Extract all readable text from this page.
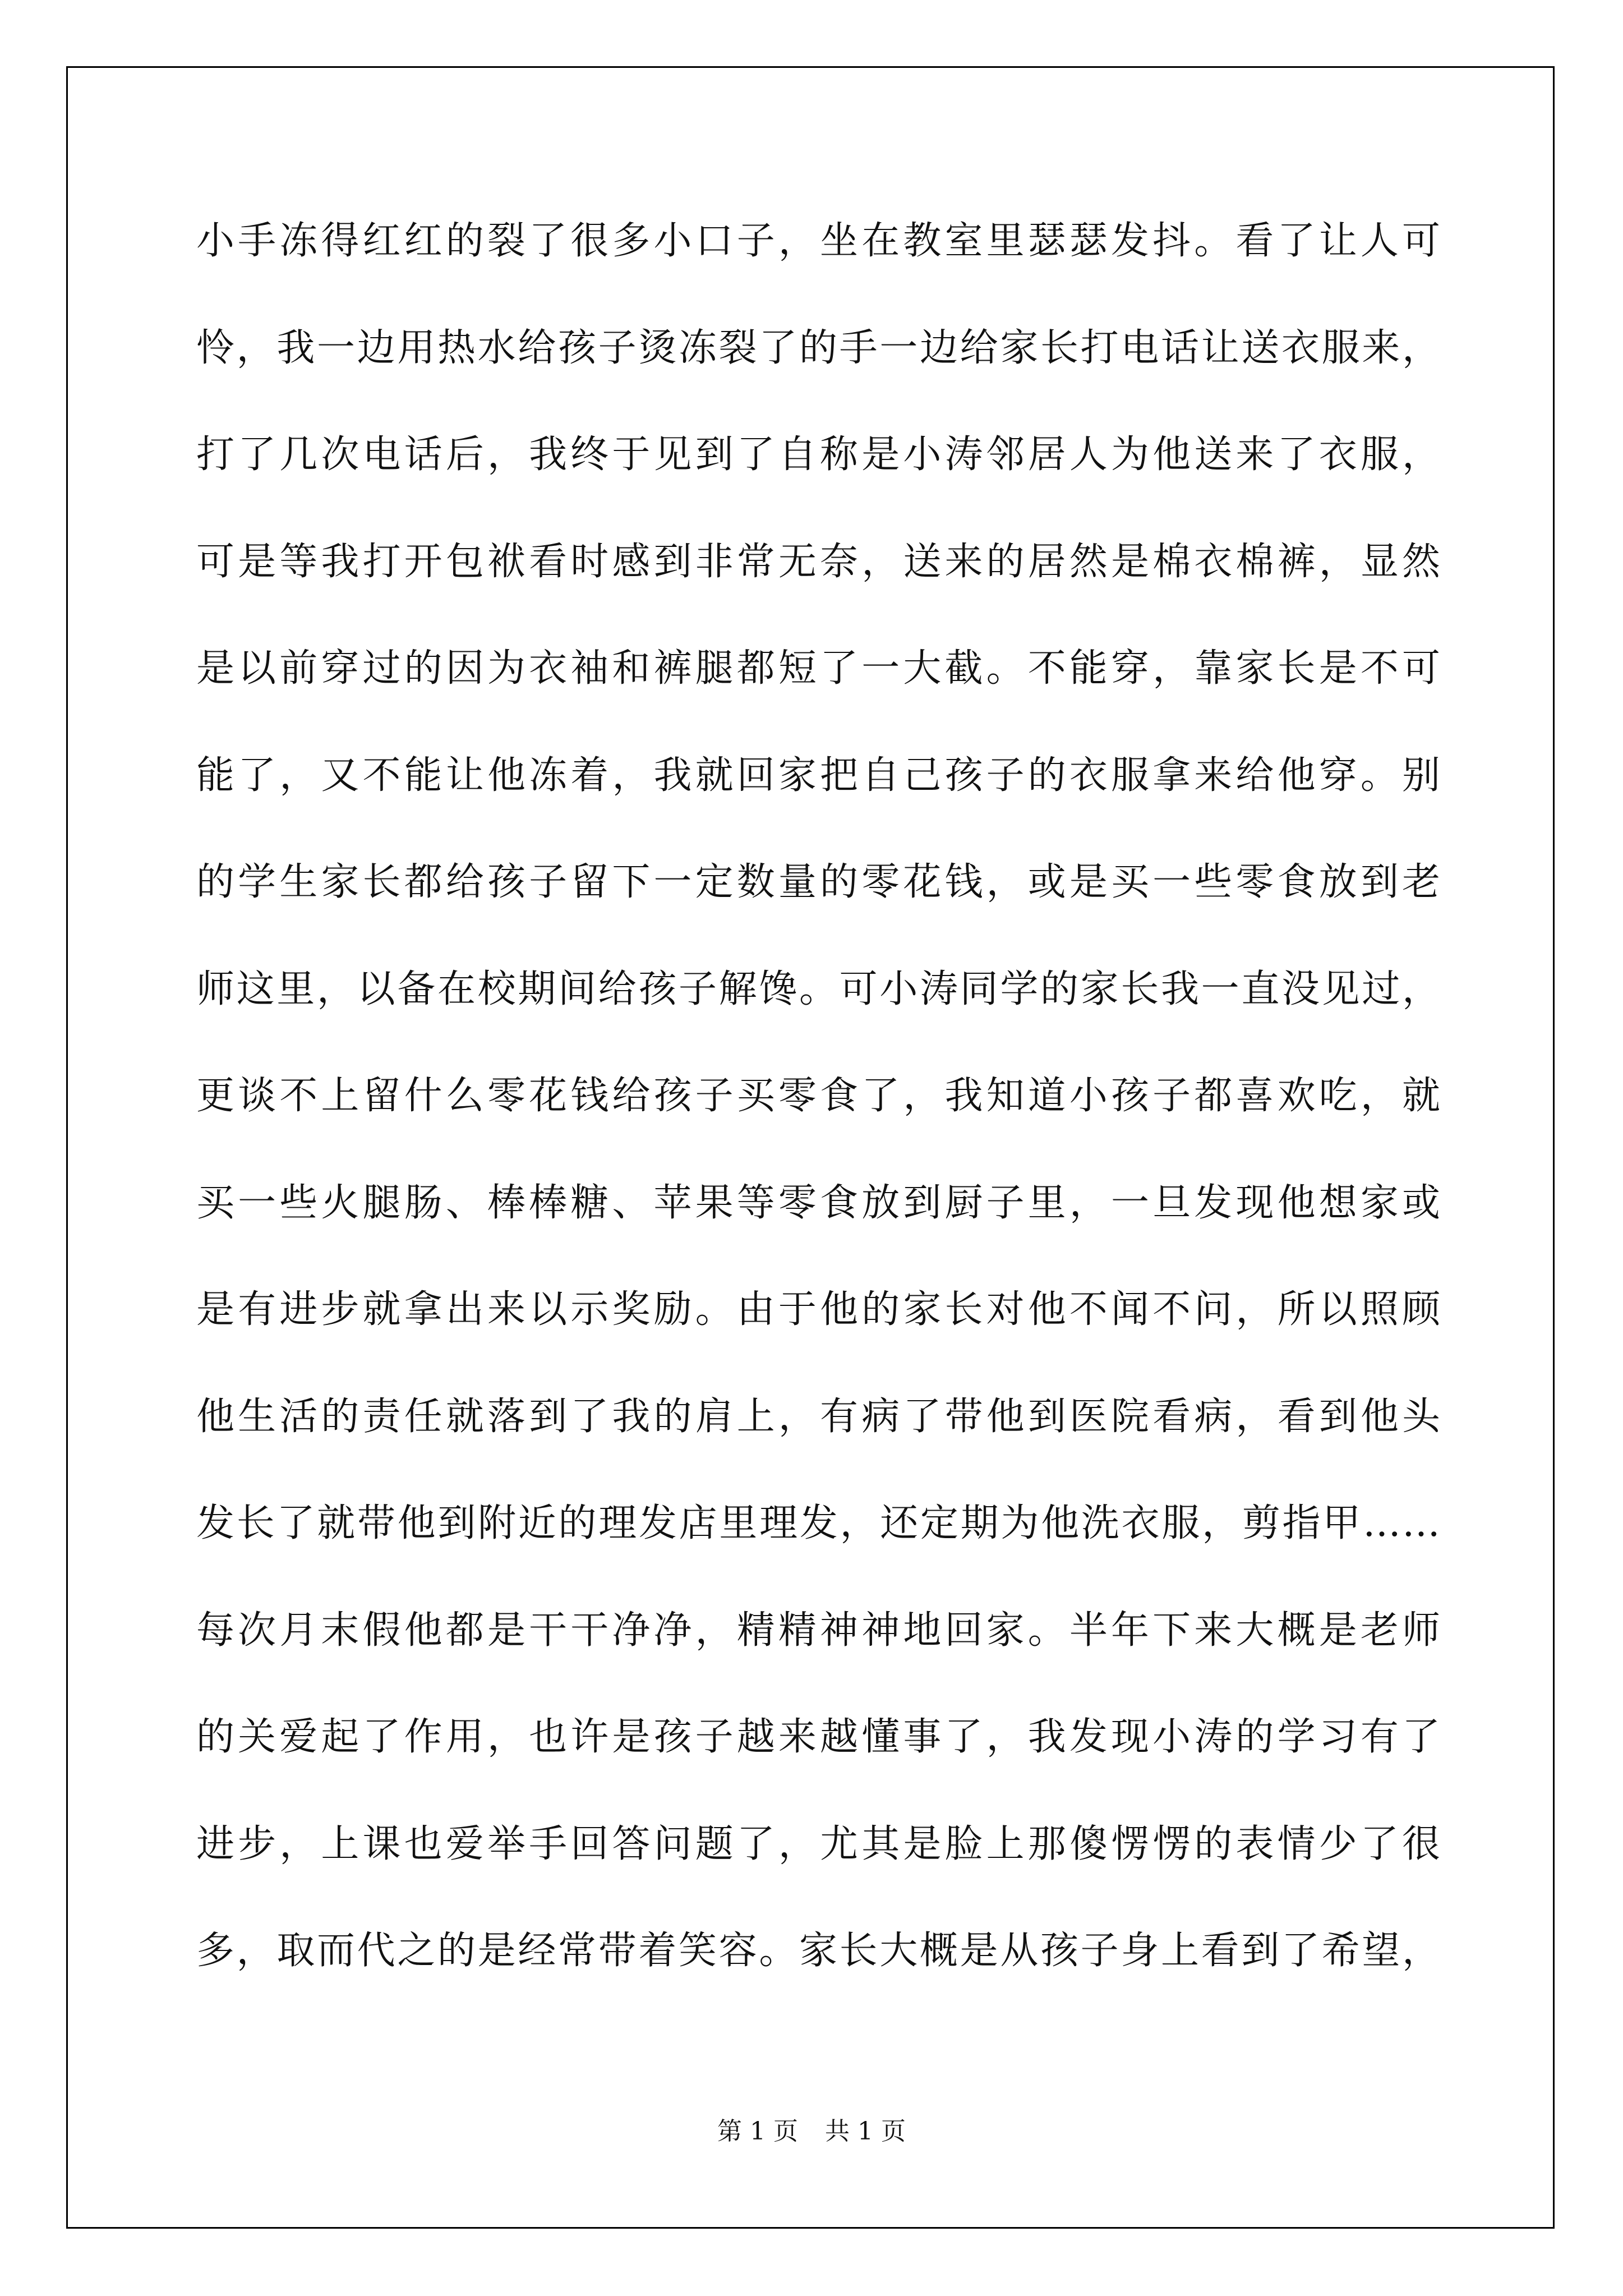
小手冻得红红的裂了很多小口子，坐在教室里瑟瑟发抖。看了让人可
怜，我一边用热水给孩子烫冻裂了的手一边给家长打电话让送衣服来，
打了几次电话后，我终于见到了自称是小涛邻居人为他送来了衣服，
可是等我打开包袱看时感到非常无奈，送来的居然是棉衣棉裤，显然
是以前穿过的因为衣袖和裤腿都短了一大截。不能穿，靠家长是不可
能了，又不能让他冻着，我就回家把自己孩子的衣服拿来给他穿。别
的学生家长都给孩子留下一定数量的零花钱，或是买一些零食放到老
师这里，以备在校期间给孩子解馋。可小涛同学的家长我一直没见过，
更谈不上留什么零花钱给孩子买零食了，我知道小孩子都喜欢吃，就
买一些火腿肠、棒棒糖、苹果等零食放到厨子里，一旦发现他想家或
是有进步就拿出来以示奖励。由于他的家长对他不闻不问，所以照顾
他生活的责任就落到了我的肩上，有病了带他到医院看病，看到他头
发长了就带他到附近的理发店里理发，还定期为他洗衣服，剪指甲……
每次月末假他都是干干净净，精精神神地回家。半年下来大概是老师
的关爱起了作用，也许是孩子越来越懂事了，我发现小涛的学习有了
进步，上课也爱举手回答问题了，尤其是脸上那傻愣愣的表情少了很
多，取而代之的是经常带着笑容。家长大概是从孩子身上看到了希望，
第 1 页 共 1 页
